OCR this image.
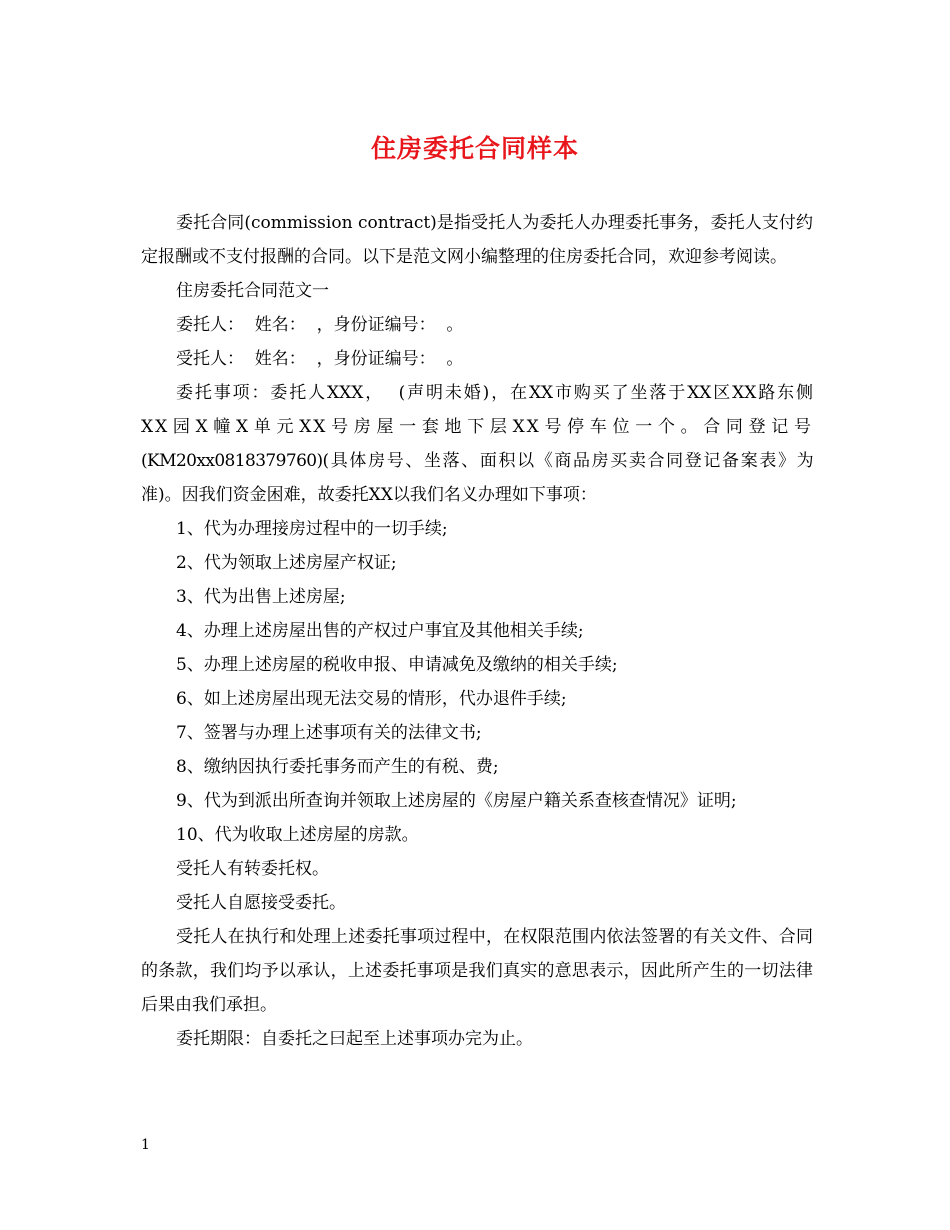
住房委托合同样本

委托合同(commission contract)是指受托人为委托人办理委托事务，委托人支付约定报酬或不支付报酬的合同。以下是范文网小编整理的住房委托合同，欢迎参考阅读。

住房委托合同范文一

委托人：  姓名：  ，身份证编号：  。

受托人：  姓名：  ，身份证编号：  。

委托事项：委托人XXX，  (声明未婚)，在XX市购买了坐落于XX区XX路东侧

XX园X幢X单元XX号房屋一套地下层XX号停车位一个。合同登记号

(KM20xx0818379760)(具体房号、坐落、面积以《商品房买卖合同登记备案表》为

准)。因我们资金困难，故委托XX以我们名义办理如下事项：

1、代为办理接房过程中的一切手续;

2、代为领取上述房屋产权证;

3、代为出售上述房屋;

4、办理上述房屋出售的产权过户事宜及其他相关手续;

5、办理上述房屋的税收申报、申请减免及缴纳的相关手续;

6、如上述房屋出现无法交易的情形，代办退件手续;

7、签署与办理上述事项有关的法律文书;

8、缴纳因执行委托事务而产生的有税、费;

9、代为到派出所查询并领取上述房屋的《房屋户籍关系查核查情况》证明;

10、代为收取上述房屋的房款。

受托人有转委托权。

受托人自愿接受委托。

受托人在执行和处理上述委托事项过程中，在权限范围内依法签署的有关文件、合同的条款，我们均予以承认，上述委托事项是我们真实的意思表示，因此所产生的一切法律后果由我们承担。

委托期限：自委托之曰起至上述事项办完为止。

1
